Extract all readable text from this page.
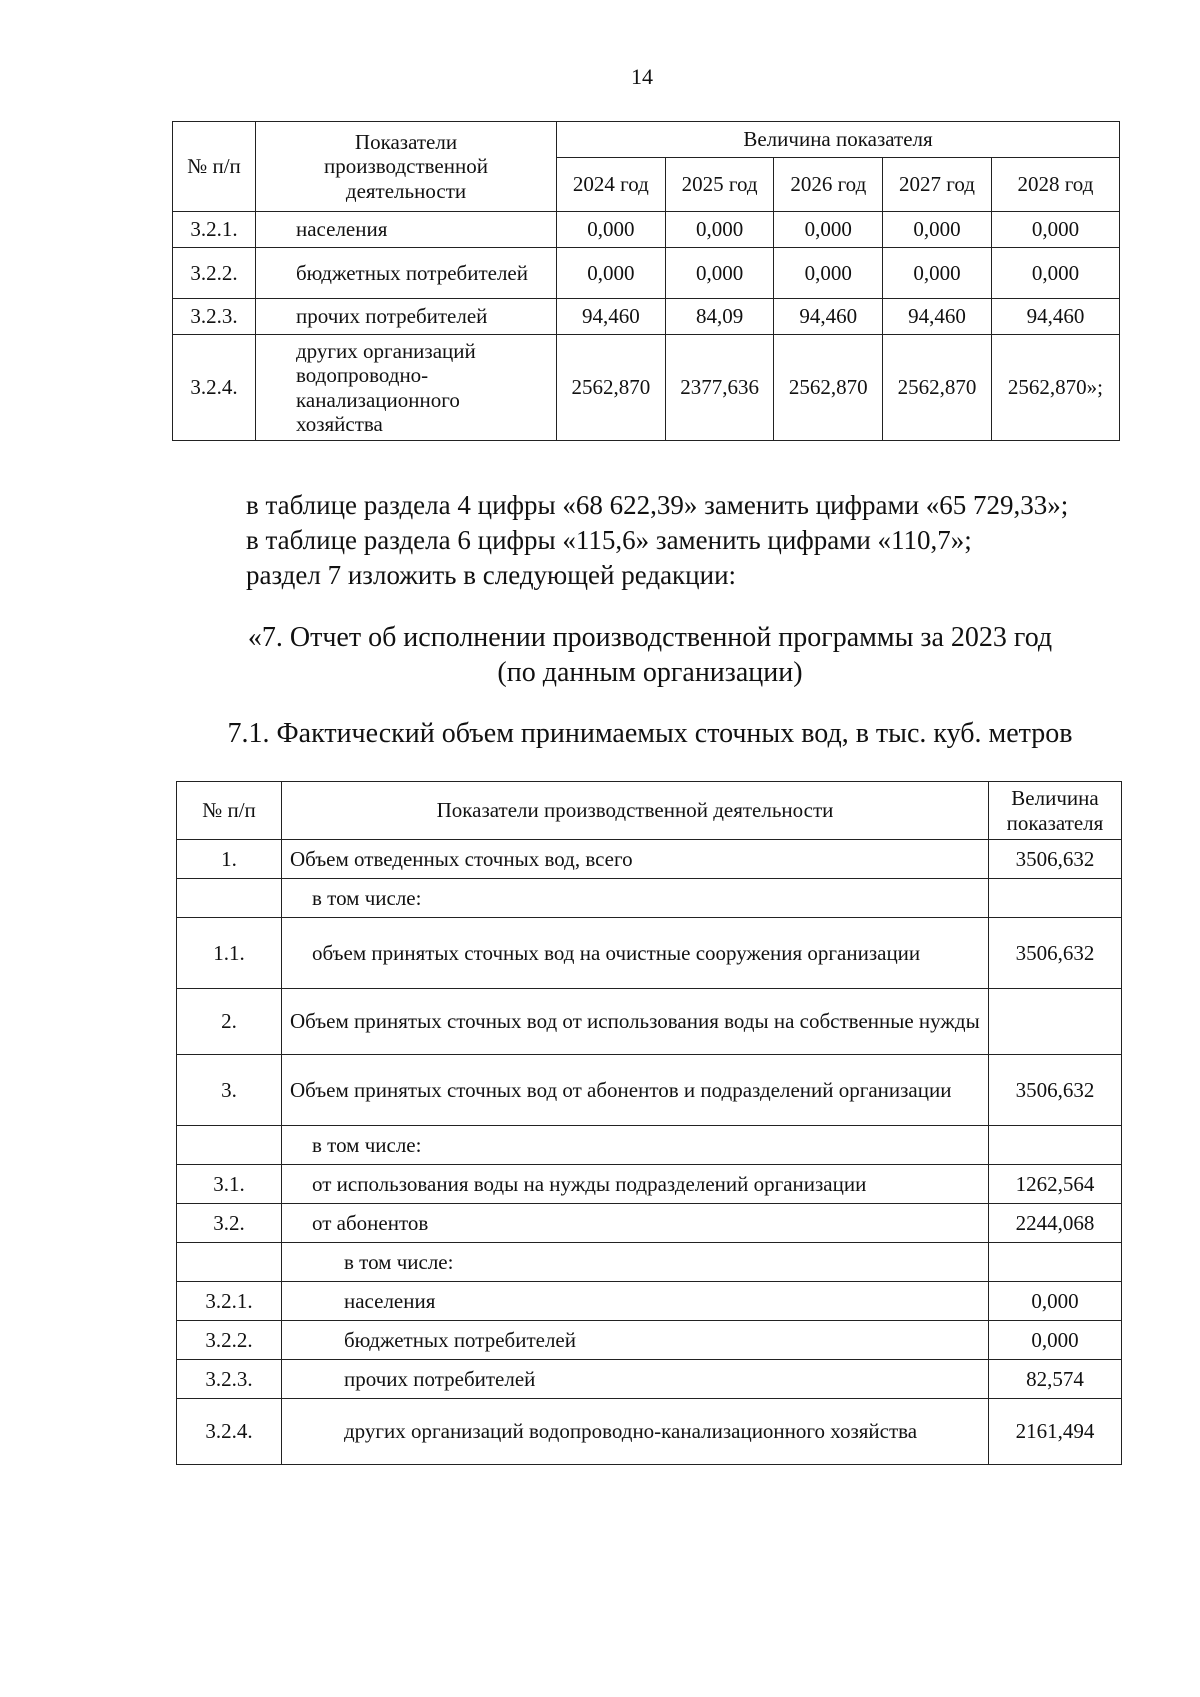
14
№ п/п	Показатели производственной деятельности	Величина показателя				
		2024 год	2025 год	2026 год	2027 год	2028 год
3.2.1.	населения	0,000	0,000	0,000	0,000	0,000
3.2.2.	бюджетных потребителей	0,000	0,000	0,000	0,000	0,000
3.2.3.	прочих потребителей	94,460	84,09	94,460	94,460	94,460
3.2.4.	других организаций водопроводно-канализационного хозяйства	2562,870	2377,636	2562,870	2562,870	2562,870»;
в таблице раздела 4 цифры «68 622,39» заменить цифрами «65 729,33»;
в таблице раздела 6 цифры «115,6» заменить цифрами «110,7»;
раздел 7 изложить в следующей редакции:
«7. Отчет об исполнении производственной программы за 2023 год
(по данным организации)
7.1. Фактический объем принимаемых сточных вод, в тыс. куб. метров
№ п/п	Показатели производственной деятельности	Величина показателя
1.	Объем отведенных сточных вод, всего	3506,632
	в том числе:	
1.1.	объем принятых сточных вод на очистные сооружения организации	3506,632
2.	Объем принятых сточных вод от использования воды на собственные нужды	
3.	Объем принятых сточных вод от абонентов и подразделений организации	3506,632
	в том числе:	
3.1.	от использования воды на нужды подразделений организации	1262,564
3.2.	от абонентов	2244,068
	в том числе:	
3.2.1.	населения	0,000
3.2.2.	бюджетных потребителей	0,000
3.2.3.	прочих потребителей	82,574
3.2.4.	других организаций водопроводно-канализационного хозяйства	2161,494
